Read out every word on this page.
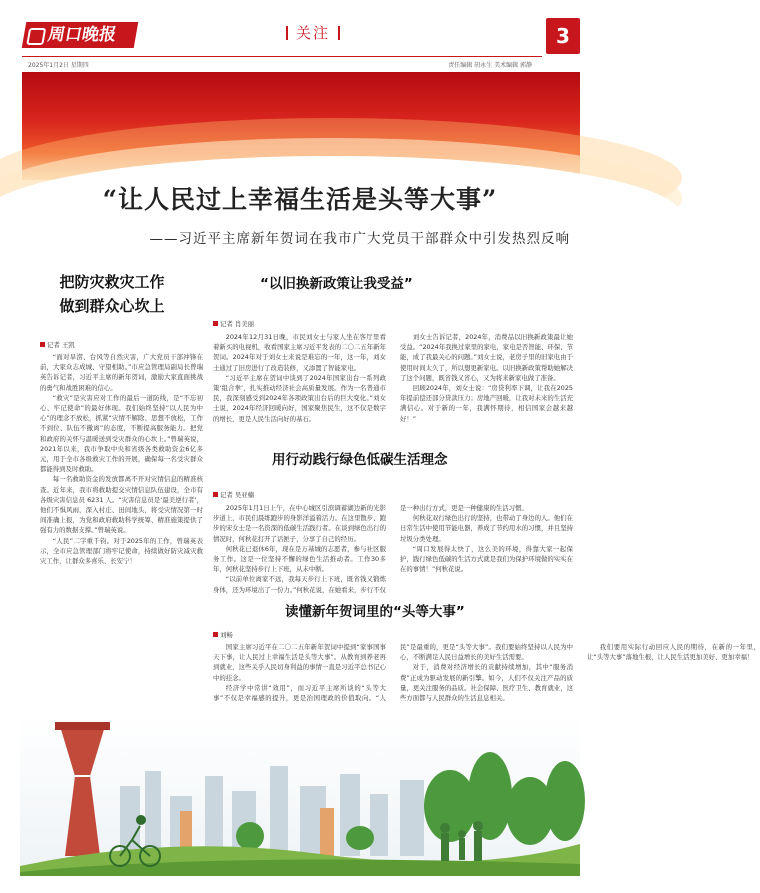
周口晚报	关注	3
2025年1月2日 星期四	责任编辑 胡永生 美术编辑 郭静
“让人民过上幸福生活是头等大事”
——习近平主席新年贺词在我市广大党员干部群众中引发热烈反响
把防灾救灾工作
做到群众心坎上
记者 王凯

“面对旱涝、台风等自然灾害，广大党员干部冲锋在前，大家众志成城、守望相助。”市应急管理局副局长曾瑞英告诉记者，习近平主席的新年贺词，激励大家直面挑战的勇气和战胜困难的信心。

“救灾”是灾害应对工作的最后一道防线，是“不忘初心、牢记使命”的最好体现。我们始终坚持“以人民为中心”的理念不放松，抓紧“灾情不解除、思想不放松，工作不到位、队伍不撤离”的态度，不断提高服务能力。把党和政府的关怀与温暖送到受灾群众的心坎上。”曾瑞英说，2021年以来，我市争取中央和省级各类救助资金6亿多元，用于全市各级救灾工作的开展，确保每一名受灾群众都能得到及时救助。

每一名救助资金的发放都离不开对灾情信息的精准核查。近年来，我市将救助提交灾情信息队伍建设，全市有各级灾害信息员 6231 人。“灾害信息员是‘最美逆行者’，他们不惧风雨，深入村庄、田间地头，将受灾情况第一时间准确上报，为党和政府救助科学统筹、精准施策提供了强有力的数据支撑。”曾瑞英说。

“人民”二字重千钧。对于2025年的工作，曾瑞英表示，全市应急管理部门将牢记使命，持续做好防灾减灾救灾工作，让群众多喜乐、长安宁！

“以旧换新政策让我受益”
记者 肖美丽

2024年12月31日晚，市民刘女士与家人坐在客厅里看着新买的电视机，收看国家主席习近平发表的二〇二五年新年贺词。2024年对于刘女士来说是难忘的一年，这一年，刘女士通过了旧房进行了改造装修，又添置了智能家电。

“习近平主席在贺词中谈到了2024年国家出台一系列政策‘组合拳’，扎实推动经济社会高质量发展。作为一名普通市民，我深刻感受到2024年各项政策出台后的巨大变化。”刘女士说，2024年经济回暖向好，国家聚焦民生，这不仅是数字的增长，更是人民生活向好的基石。

刘女士告诉记者，2024年，消费品以旧换新政策最让她受益。“2024年我换过家里的家电，家电是否智能、环保、节能，成了我最关心的问题。”刘女士说，老房子里的旧家电由于使用时间太久了，所以想更新家电。以旧换新政策帮助她解决了这个问题，既省钱又省心，又为将来新家电做了准备。

回顾2024年，刘女士说：“房贷利率下调，让我在2025年提前偿还部分贷款压力；房地产回暖，让我对未来的生活充满信心。对于新的一年，我满怀期待，相信国家会越来越好！”

用行动践行绿色低碳生活理念
记者 吴亚楠

2025年1月1日上午，在中心城区引滨调蓄湖边新的光影步道上，市民们晨练跑步的身影洋溢着活力。在这里散步、跑步的宋女士是一名资深的低碳生活践行者。在谈到绿色出行的情况时，何秋花打开了话匣子，分享了自己的经历。

何秋花已退休6年，现在是万基城的志愿者，参与社区服务工作。这是一位坚持不懈的绿色生活推动者。工作30多年，何秋花坚持步行上下班，从未中断。

“以前单位离家不远，我每天步行上下班，既省钱又锻炼身体，还为环境出了一份力。”何秋花说，在她看来，步行不仅是一种出行方式，更是一种健康的生活习惯。

何秋花双行绿色出行的坚持，也带动了身边的人。他们在日常生活中使用节能电器，养成了节约用水的习惯，并且坚持垃圾分类处理。

“周口发展得太快了，这么美的环境，得靠大家一起保护，践行绿色低碳的生活方式就是我们为保护环境做的实实在在的事情！”何秋花说。

读懂新年贺词里的“头等大事”
刘畅

国家主席习近平在二〇二五年新年贺词中提到“家事国事天下事，让人民过上幸福生活是头等大事”。从教育到养老再到就业，这些关乎人民切身利益的事情一直是习近平总书记心中的挂念。

经济学中常讲“效用”，而习近平主席所谈的“头等大事”不仅是幸福感的提升，更是治国理政的价值取向。“人民”是最重的，更是“头等大事”。我们要始终坚持以人民为中心，不断满足人民日益增长的美好生活需要。

对于，消费对经济增长的贡献持续增加，其中“服务消费”正成为驱动发展的新引擎。如今，人们不仅关注产品的质量，更关注服务的品质。社会保障、医疗卫生、教育就业，这些方面都与人民群众的生活息息相关。

我们要用实际行动回应人民的期待，在新的一年里，让“头等大事”落地生根，让人民生活更加美好、更加幸福！
